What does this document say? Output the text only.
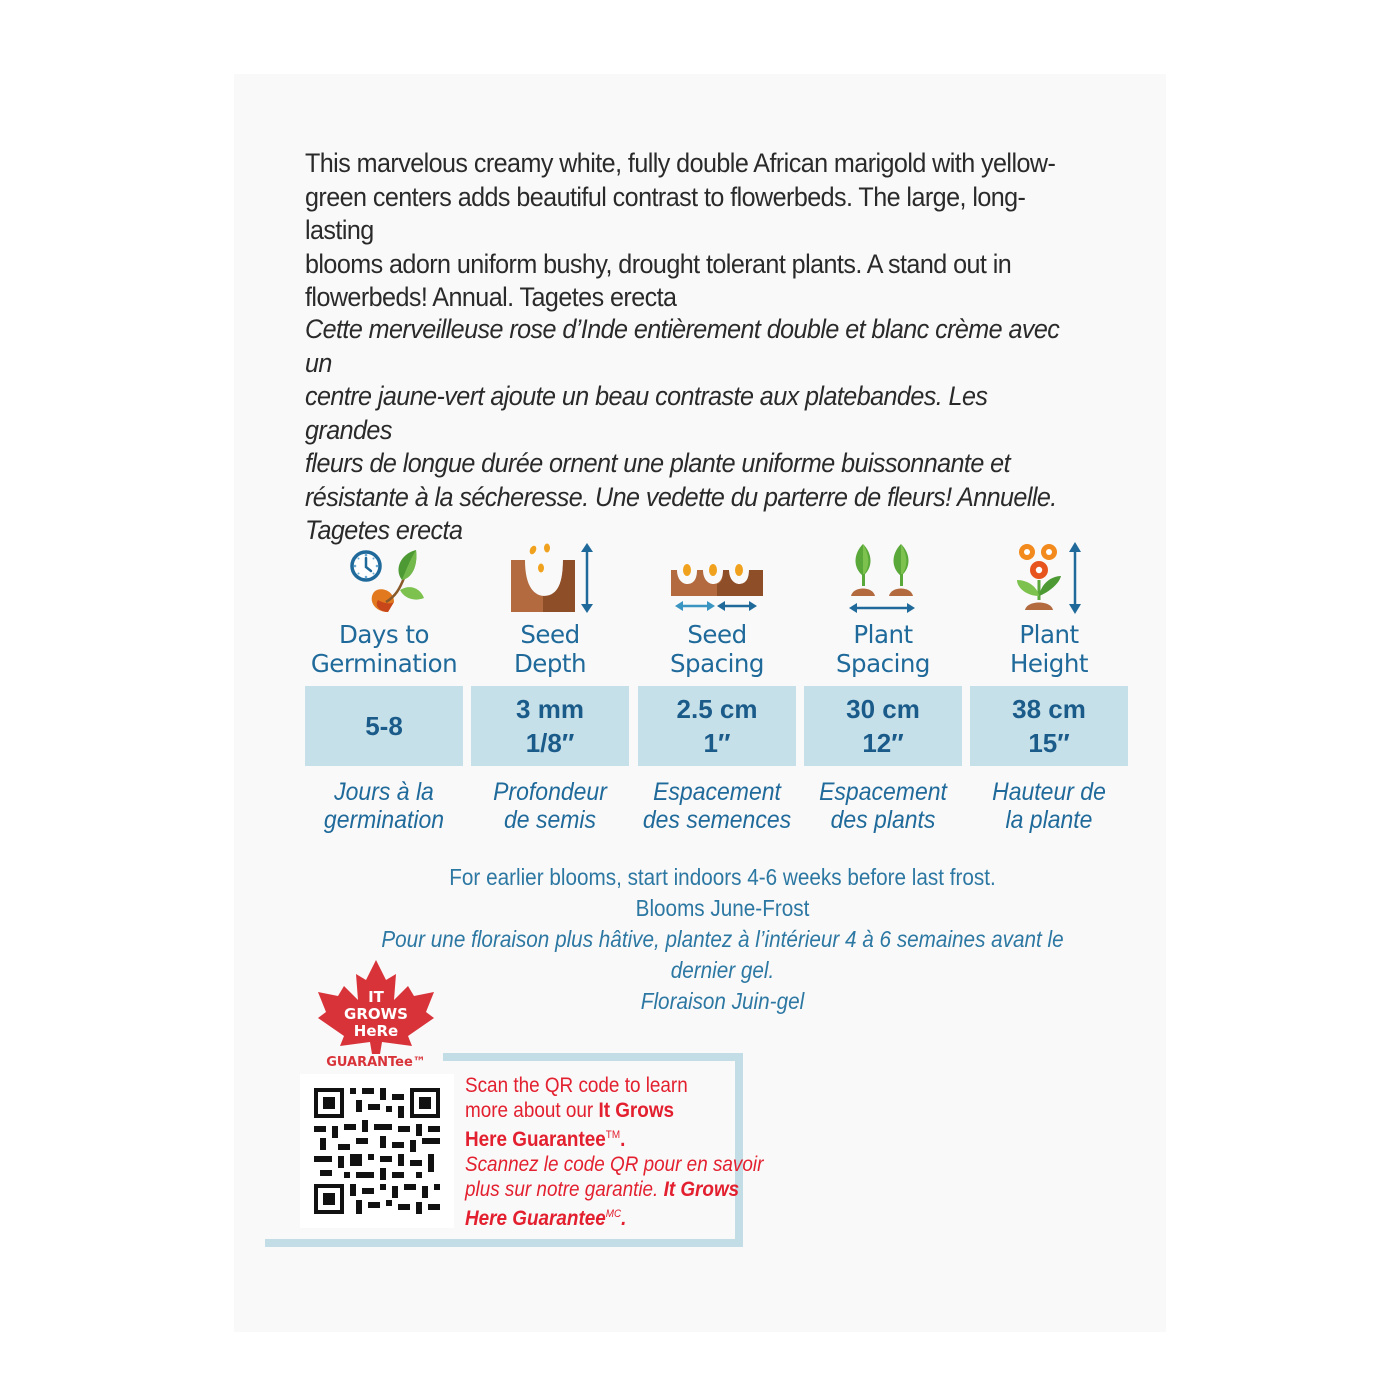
This marvelous creamy white, fully double African marigold with yellow-

green centers adds beautiful contrast to flowerbeds. The large, long-lasting

blooms adorn uniform bushy, drought tolerant plants. A stand out in

flowerbeds! Annual. Tagetes erecta

Cette merveilleuse rose d’Inde entièrement double et blanc crème avec un

centre jaune-vert ajoute un beau contraste aux platebandes. Les grandes

fleurs de longue durée ornent une plante uniforme buissonnante et

résistante à la sécheresse. Une vedette du parterre de fleurs! Annuelle.

Tagetes erecta

Days to
Germination
5-8
Jours à la
germination
Seed
Depth
3 mm
1/8″
Profondeur
de semis
Seed
Spacing
2.5 cm
1″
Espacement
des semences
Plant
Spacing
30 cm
12″
Espacement
des plants
Plant
Height
38 cm
15″
Hauteur de
la plante
For earlier blooms, start indoors 4-6 weeks before last frost.
Blooms June-Frost
Pour une floraison plus hâtive, plantez à l’intérieur 4 à 6 semaines avant le dernier gel.
Floraison Juin-gel
IT
GROWS
HeRe
GUARANTee™
Scan the QR code to learn
more about our It Grows
Here Guarantee™.
Scannez le code QR pour en savoir
plus sur notre garantie. It Grows
Here Guarantee$^{MC}$.
